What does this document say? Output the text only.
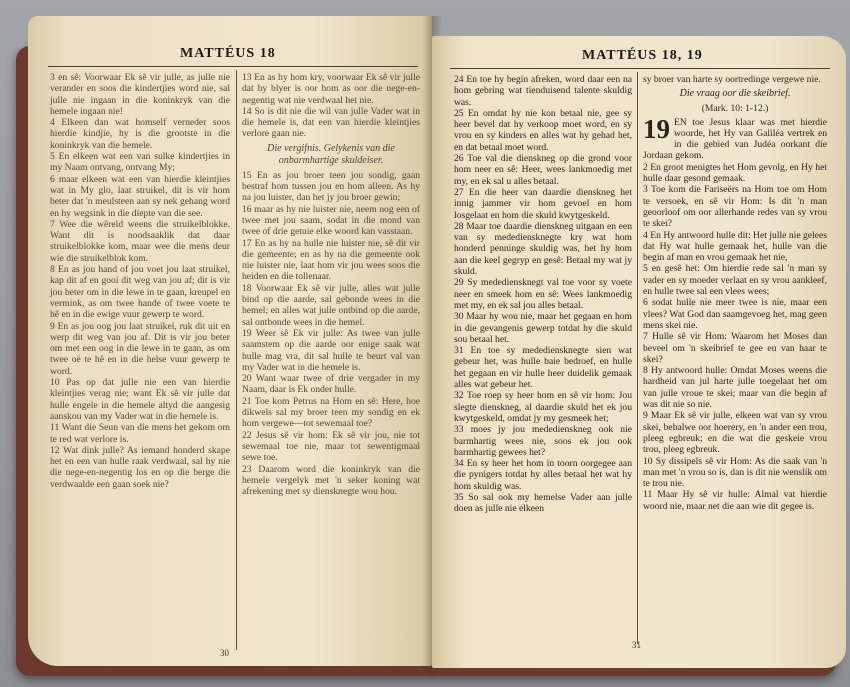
MATTÉUS 18

3 en sê: Voorwaar Ek sê vir julle, as julle nie verander en soos die kindertjies word nie, sal julle nie ingaan in die koninkryk van die hemele ingaan nie!

4 Elkeen dan wat homself verneder soos hierdie kindjie, hy is die grootste in die koninkryk van die hemele.

5 En elkeen wat een van sulke kindertjies in my Naam ontvang, ontvang My;

6 maar elkeen wat een van hierdie kleintjies wat in My glo, laat struikel, dit is vir hom beter dat 'n meulsteen aan sy nek gehang word en hy wegsink in die diepte van die see.

7 Wee die wêreld weens die struikelblokke. Want dit is noodsaaklik dat daar struikelblokke kom, maar wee die mens deur wie die struikelblok kom.

8 En as jou hand of jou voet jou laat struikel, kap dit af en gooi dit weg van jou af; dit is vir jou beter om in die lewe in te gaan, kreupel en vermink, as om twee hande of twee voete te hê en in die ewige vuur gewerp te word.

9 En as jou oog jou laat struikel, ruk dit uit en werp dit weg van jou af. Dit is vir jou beter om met een oog in die lewe in te gaan, as om twee oë te hê en in die helse vuur gewerp te word.

10 Pas op dat julle nie een van hierdie kleintjies verag nie; want Ek sê vir julle dat hulle engele in die hemele altyd die aangesig aanskou van my Vader wat in die hemele is.

11 Want die Seun van die mens het gekom om te red wat verlore is.

12 Wat dink julle? As iemand honderd skape het en een van hulle raak verdwaal, sal hy nie die nege-en-negentig los en op die berge die verdwaalde een gaan soek nie?

13 En as hy hom kry, voorwaar Ek sê vir julle dat hy blyer is oor hom as oor die nege-en-negentig wat nie verdwaal het nie.

14 So is dit nie die wil van julle Vader wat in die hemele is, dat een van hierdie kleintjies verlore gaan nie.

Die vergifnis. Gelykenis van die onbarmhartige skuldeiser.

15 En as jou broer teen jou sondig, gaan bestraf hom tussen jou en hom alleen. As hy na jou luister, dan het jy jou broer gewin;

16 maar as hy nie luister nie, neem nog een of twee met jou saam, sodat in die mond van twee of drie getuie elke woord kan vasstaan.

17 En as hy na hulle nie luister nie, sê dit vir die gemeente; en as hy na die gemeente ook nie luister nie, laat hom vir jou wees soos die heiden en die tollenaar.

18 Voorwaar Ek sê vir julle, alles wat julle bind op die aarde, sal gebonde wees in die hemel; en alles wat julle ontbind op die aarde, sal ontbonde wees in die hemel.

19 Weer sê Ek vir julle: As twee van julle saamstem op die aarde oor enige saak wat hulle mag vra, dit sal hulle te beurt val van my Vader wat in die hemele is.

20 Want waar twee of drie vergader in my Naam, daar is Ek onder hulle.

21 Toe kom Petrus na Hom en sê: Here, hoe dikwels sal my broer teen my sondig en ek hom vergewe—tot sewemaal toe?

22 Jesus sê vir hom: Ek sê vir jou, nie tot sewemaal toe nie, maar tot sewentigmaal sewe toe.

23 Daarom word die koninkryk van die hemele vergelyk met 'n seker koning wat afrekening met sy diensknegte wou hou.

30
MATTÉUS 18, 19

24 En toe hy begin afreken, word daar een na hom gebring wat tienduisend talente skuldig was.

25 En omdat hy nie kon betaal nie, gee sy heer bevel dat hy verkoop moet word, en sy vrou en sy kinders en alles wat hy gehad het, en dat betaal moet word.

26 Toe val die dienskneg op die grond voor hom neer en sê: Heer, wees lankmoedig met my, en ek sal u alles betaal.

27 En die heer van daardie dienskneg het innig jammer vir hom gevoel en hom losgelaat en hom die skuld kwytgeskeld.

28 Maar toe daardie dienskneg uitgaan en een van sy medediensknegte kry wat hom honderd penninge skuldig was, het hy hom aan die keel gegryp en gesê: Betaal my wat jy skuld.

29 Sy medediensknegt val toe voor sy voete neer en smeek hom en sê: Wees lankmoedig met my, en ek sal jou alles betaal.

30 Maar hy wou nie, maar het gegaan en hom in die gevangenis gewerp totdat hy die skuld sou betaal het.

31 En toe sy medediensknegte sien wat gebeur het, was hulle baie bedroef, en hulle het gegaan en vir hulle heer duidelik gemaak alles wat gebeur het.

32 Toe roep sy heer hom en sê vir hom: Jou slegte dienskneg, al daardie skuld het ek jou kwytgeskeld, omdat jy my gesmeek het;

33 moes jy jou mededienskneg ook nie barmhartig wees nie, soos ek jou ook barmhartig gewees het?

34 En sy heer het hom in toorn oorgegee aan die pynigers totdat hy alles betaal het wat hy hom skuldig was.

35 So sal ook my hemelse Vader aan julle doen as julle nie elkeen

sy broer van harte sy oortredinge vergewe nie.

Die vraag oor die skeibrief.

(Mark. 10: 1-12.)

19 EN toe Jesus klaar was met hierdie woorde, het Hy van Galiléa vertrek en in die gebied van Judéa oorkant die Jordaan gekom.

2 En groot menigtes het Hom gevolg, en Hy het hulle daar gesond gemaak.

3 Toe kom die Fariseërs na Hom toe om Hom te versoek, en sê vir Hom: Is dit 'n man geoorloof om oor allerhande redes van sy vrou te skei?

4 En Hy antwoord hulle dit: Het julle nie gelees dat Hy wat hulle gemaak het, hulle van die begin af man en vrou gemaak het nie,

5 en gesê het: Om hierdie rede sal 'n man sy vader en sy moeder verlaat en sy vrou aankleef, en hulle twee sal een vlees wees;

6 sodat hulle nie meer twee is nie, maar een vlees? Wat God dan saamgevoeg het, mag geen mens skei nie.

7 Hulle sê vir Hom: Waarom het Moses dan beveel om 'n skeibrief te gee en van haar te skei?

8 Hy antwoord hulle: Omdat Moses weens die hardheid van jul harte julle toegelaat het om van julle vroue te skei; maar van die begin af was dit nie so nie.

9 Maar Ek sê vir julle, elkeen wat van sy vrou skei, behalwe oor hoerery, en 'n ander een trou, pleeg egbreuk; en die wat die geskeie vrou trou, pleeg egbreuk.

10 Sy dissipels sê vir Hom: As die saak van 'n man met 'n vrou so is, dan is dit nie wenslik om te trou nie.

11 Maar Hy sê vir hulle: Almal vat hierdie woord nie, maar net die aan wie dit gegee is.

31
